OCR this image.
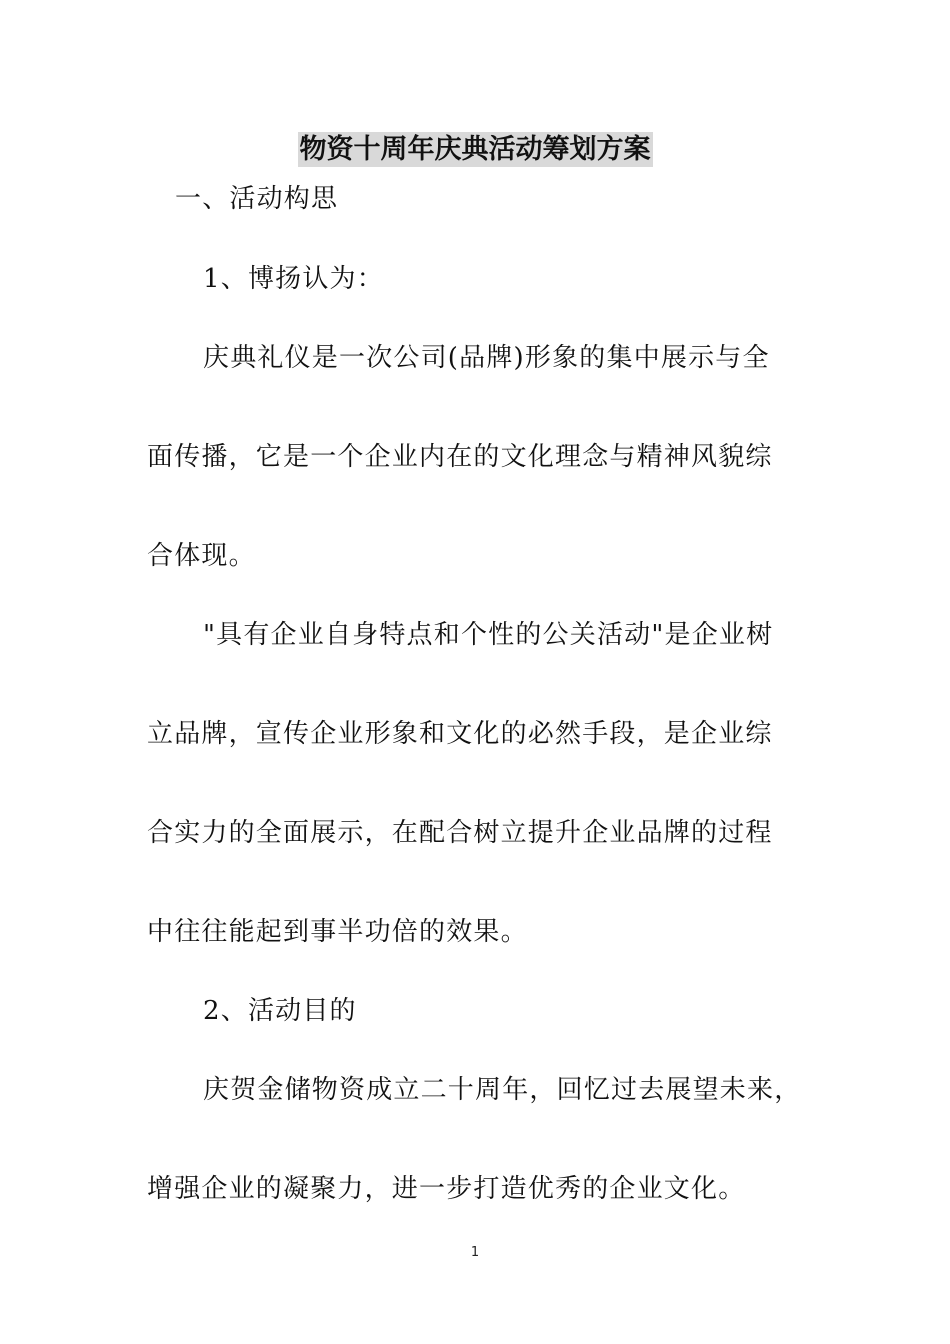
物资十周年庆典活动筹划方案
一、活动构思
1、博扬认为：
庆典礼仪是一次公司(品牌)形象的集中展示与全
面传播，它是一个企业内在的文化理念与精神风貌综
合体现。
"具有企业自身特点和个性的公关活动"是企业树
立品牌，宣传企业形象和文化的必然手段，是企业综
合实力的全面展示，在配合树立提升企业品牌的过程
中往往能起到事半功倍的效果。
2、活动目的
庆贺金储物资成立二十周年，回忆过去展望未来，
增强企业的凝聚力，进一步打造优秀的企业文化。
1
